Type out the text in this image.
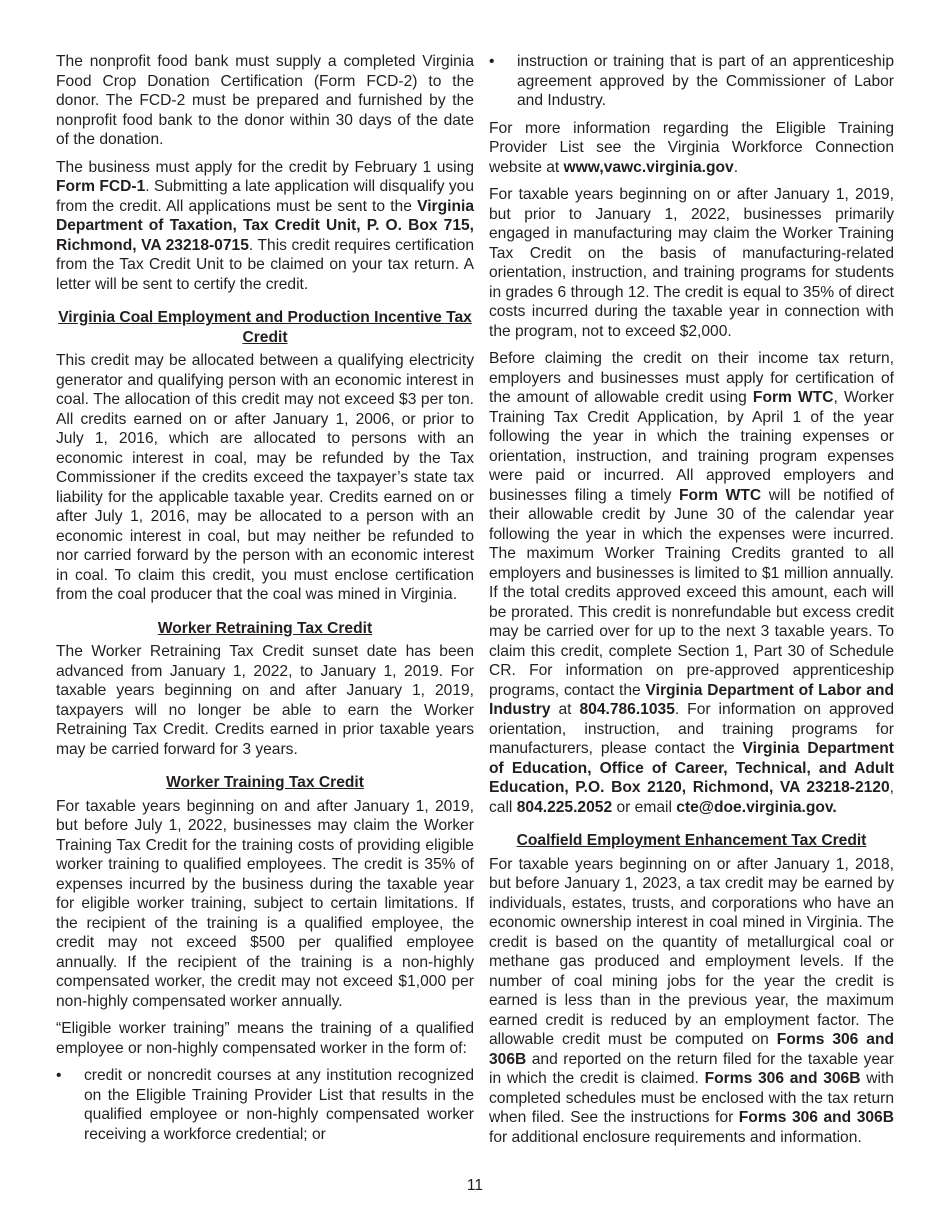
The nonprofit food bank must supply a completed Virginia Food Crop Donation Certification (Form FCD-2) to the donor. The FCD-2 must be prepared and furnished by the nonprofit food bank to the donor within 30 days of the date of the donation.

The business must apply for the credit by February 1 using Form FCD-1. Submitting a late application will disqualify you from the credit. All applications must be sent to the Virginia Department of Taxation, Tax Credit Unit, P. O. Box 715, Richmond, VA 23218-0715. This credit requires certification from the Tax Credit Unit to be claimed on your tax return. A letter will be sent to certify the credit.

Virginia Coal Employment and Production Incentive Tax Credit

This credit may be allocated between a qualifying electricity generator and qualifying person with an economic interest in coal. The allocation of this credit may not exceed $3 per ton. All credits earned on or after January 1, 2006, or prior to July 1, 2016, which are allocated to persons with an economic interest in coal, may be refunded by the Tax Commissioner if the credits exceed the taxpayer’s state tax liability for the applicable taxable year. Credits earned on or after July 1, 2016, may be allocated to a person with an economic interest in coal, but may neither be refunded to nor carried forward by the person with an economic interest in coal. To claim this credit, you must enclose certification from the coal producer that the coal was mined in Virginia.

Worker Retraining Tax Credit

The Worker Retraining Tax Credit sunset date has been advanced from January 1, 2022, to January 1, 2019. For taxable years beginning on and after January 1, 2019, taxpayers will no longer be able to earn the Worker Retraining Tax Credit. Credits earned in prior taxable years may be carried forward for 3 years.

Worker Training Tax Credit

For taxable years beginning on and after January 1, 2019, but before July 1, 2022, businesses may claim the Worker Training Tax Credit for the training costs of providing eligible worker training to qualified employees. The credit is 35% of expenses incurred by the business during the taxable year for eligible worker training, subject to certain limitations. If the recipient of the training is a qualified employee, the credit may not exceed $500 per qualified employee annually. If the recipient of the training is a non-highly compensated worker, the credit may not exceed $1,000 per non-highly compensated worker annually.

“Eligible worker training” means the training of a qualified employee or non-highly compensated worker in the form of:

• credit or noncredit courses at any institution recognized on the Eligible Training Provider List that results in the qualified employee or non-highly compensated worker receiving a workforce credential; or
• instruction or training that is part of an apprenticeship agreement approved by the Commissioner of Labor and Industry.

For more information regarding the Eligible Training Provider List see the Virginia Workforce Connection website at www,vawc.virginia.gov.

For taxable years beginning on or after January 1, 2019, but prior to January 1, 2022, businesses primarily engaged in manufacturing may claim the Worker Training Tax Credit on the basis of manufacturing-related orientation, instruction, and training programs for students in grades 6 through 12. The credit is equal to 35% of direct costs incurred during the taxable year in connection with the program, not to exceed $2,000.

Before claiming the credit on their income tax return, employers and businesses must apply for certification of the amount of allowable credit using Form WTC, Worker Training Tax Credit Application, by April 1 of the year following the year in which the training expenses or orientation, instruction, and training program expenses were paid or incurred. All approved employers and businesses filing a timely Form WTC will be notified of their allowable credit by June 30 of the calendar year following the year in which the expenses were incurred. The maximum Worker Training Credits granted to all employers and businesses is limited to $1 million annually. If the total credits approved exceed this amount, each will be prorated. This credit is nonrefundable but excess credit may be carried over for up to the next 3 taxable years. To claim this credit, complete Section 1, Part 30 of Schedule CR. For information on pre-approved apprenticeship programs, contact the Virginia Department of Labor and Industry at 804.786.1035. For information on approved orientation, instruction, and training programs for manufacturers, please contact the Virginia Department of Education, Office of Career, Technical, and Adult Education, P.O. Box 2120, Richmond, VA 23218-2120, call 804.225.2052 or email cte@doe.virginia.gov.

Coalfield Employment Enhancement Tax Credit

For taxable years beginning on or after January 1, 2018, but before January 1, 2023, a tax credit may be earned by individuals, estates, trusts, and corporations who have an economic ownership interest in coal mined in Virginia. The credit is based on the quantity of metallurgical coal or methane gas produced and employment levels. If the number of coal mining jobs for the year the credit is earned is less than in the previous year, the maximum earned credit is reduced by an employment factor. The allowable credit must be computed on Forms 306 and 306B and reported on the return filed for the taxable year in which the credit is claimed. Forms 306 and 306B with completed schedules must be enclosed with the tax return when filed. See the instructions for Forms 306 and 306B for additional enclosure requirements and information.

11
